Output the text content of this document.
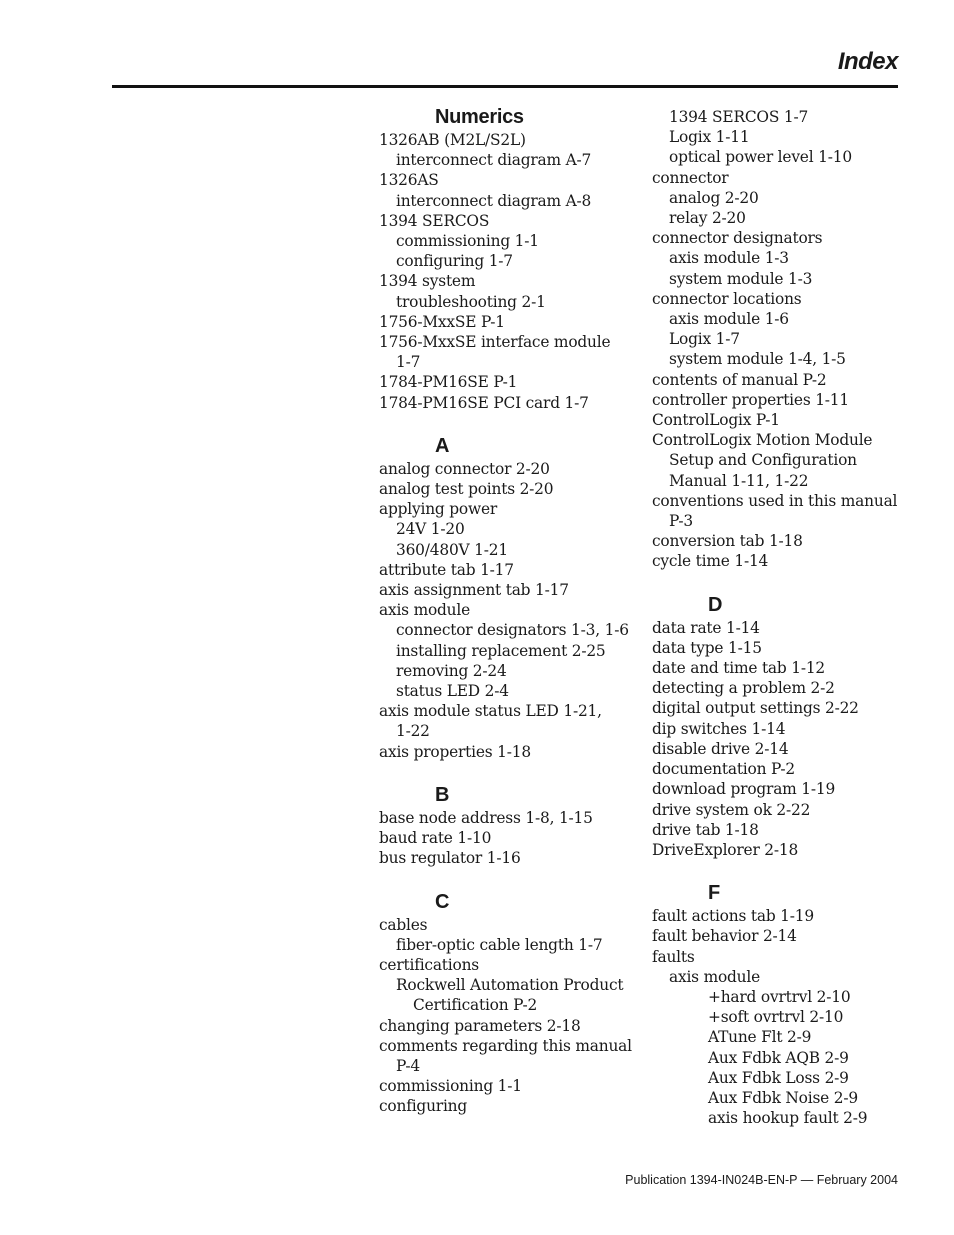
Index
Numerics
1326AB (M2L/S2L)
interconnect diagram A-7
1326AS
interconnect diagram A-8
1394 SERCOS
commissioning 1-1
configuring 1-7
1394 system
troubleshooting 2-1
1756-MxxSE P-1
1756-MxxSE interface module
1-7
1784-PM16SE P-1
1784-PM16SE PCI card 1-7
A
analog connector 2-20
analog test points 2-20
applying power
24V 1-20
360/480V 1-21
attribute tab 1-17
axis assignment tab 1-17
axis module
connector designators 1-3, 1-6
installing replacement 2-25
removing 2-24
status LED 2-4
axis module status LED 1-21,
1-22
axis properties 1-18
B
base node address 1-8, 1-15
baud rate 1-10
bus regulator 1-16
C
cables
fiber-optic cable length 1-7
certifications
Rockwell Automation Product
Certification P-2
changing parameters 2-18
comments regarding this manual
P-4
commissioning 1-1
configuring
1394 SERCOS 1-7
Logix 1-11
optical power level 1-10
connector
analog 2-20
relay 2-20
connector designators
axis module 1-3
system module 1-3
connector locations
axis module 1-6
Logix 1-7
system module 1-4, 1-5
contents of manual P-2
controller properties 1-11
ControlLogix P-1
ControlLogix Motion Module
Setup and Configuration
Manual 1-11, 1-22
conventions used in this manual
P-3
conversion tab 1-18
cycle time 1-14
D
data rate 1-14
data type 1-15
date and time tab 1-12
detecting a problem 2-2
digital output settings 2-22
dip switches 1-14
disable drive 2-14
documentation P-2
download program 1-19
drive system ok 2-22
drive tab 1-18
DriveExplorer 2-18
F
fault actions tab 1-19
fault behavior 2-14
faults
axis module
+hard ovrtrvl 2-10
+soft ovrtrvl 2-10
ATune Flt 2-9
Aux Fdbk AQB 2-9
Aux Fdbk Loss 2-9
Aux Fdbk Noise 2-9
axis hookup fault 2-9
Publication 1394-IN024B-EN-P — February 2004
